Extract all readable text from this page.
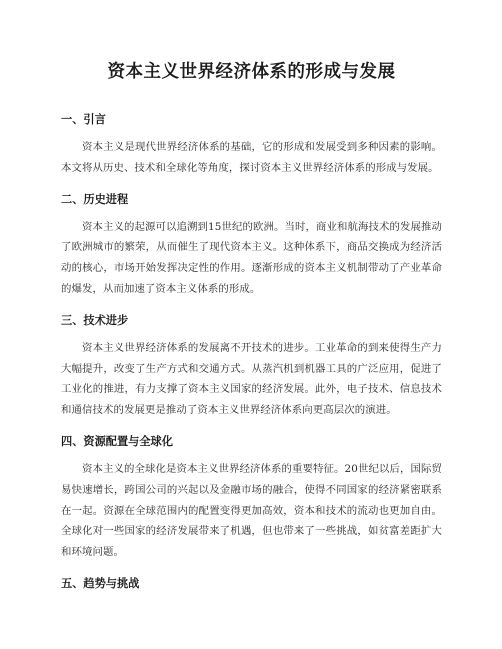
资本主义世界经济体系的形成与发展
一、引言

资本主义是现代世界经济体系的基础，它的形成和发展受到多种因素的影响。本文将从历史、技术和全球化等角度，探讨资本主义世界经济体系的形成与发展。

二、历史进程

资本主义的起源可以追溯到15世纪的欧洲。当时，商业和航海技术的发展推动了欧洲城市的繁荣，从而催生了现代资本主义。这种体系下，商品交换成为经济活动的核心，市场开始发挥决定性的作用。逐渐形成的资本主义机制带动了产业革命的爆发，从而加速了资本主义体系的形成。

三、技术进步

资本主义世界经济体系的发展离不开技术的进步。工业革命的到来使得生产力大幅提升，改变了生产方式和交通方式。从蒸汽机到机器工具的广泛应用，促进了工业化的推进，有力支撑了资本主义国家的经济发展。此外，电子技术、信息技术和通信技术的发展更是推动了资本主义世界经济体系向更高层次的演进。

四、资源配置与全球化

资本主义的全球化是资本主义世界经济体系的重要特征。20世纪以后，国际贸易快速增长，跨国公司的兴起以及金融市场的融合，使得不同国家的经济紧密联系在一起。资源在全球范围内的配置变得更加高效，资本和技术的流动也更加自由。全球化对一些国家的经济发展带来了机遇，但也带来了一些挑战，如贫富差距扩大和环境问题。

五、趋势与挑战
